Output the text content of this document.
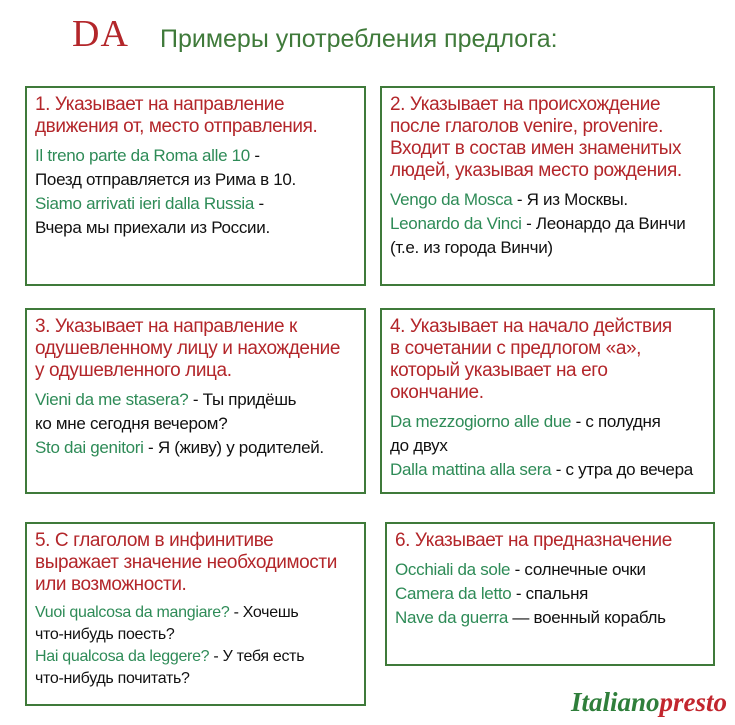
DA Примеры употребления предлога:
1. Указывает на направление
движения от, место отправления.
Il treno parte da Roma alle 10 -
Поезд отправляется из Рима в 10.
Siamo arrivati ieri dalla Russia -
Вчера мы приехали из России.
2. Указывает на происхождение
после глаголов venire, provenire.
Входит в состав имен знаменитых
людей, указывая место рождения.
Vengo da Mosca - Я из Москвы.
Leonardo da Vinci - Леонардо да Винчи
(т.е. из города Винчи)
3. Указывает на направление к
одушевленному лицу и нахождение
у одушевленного лица.
Vieni da me stasera? - Ты придёшь
ко мне сегодня вечером?
Sto dai genitori - Я (живу) у родителей.
4. Указывает на начало действия
в сочетании с предлогом «а»,
который указывает на его окончание.
Da mezzogiorno alle due - с полудня
до двух
Dalla mattina alla sera - с утра до вечера
5. С глаголом в инфинитиве
выражает значение необходимости
или возможности.
Vuoi qualcosa da mangiare? - Хочешь
что-нибудь поесть?
Hai qualcosa da leggere? - У тебя есть
что-нибудь почитать?
6. Указывает на предназначение
Occhiali da sole - солнечные очки
Camera da letto - спальня
Nave da guerra — военный корабль
Italianopresto
